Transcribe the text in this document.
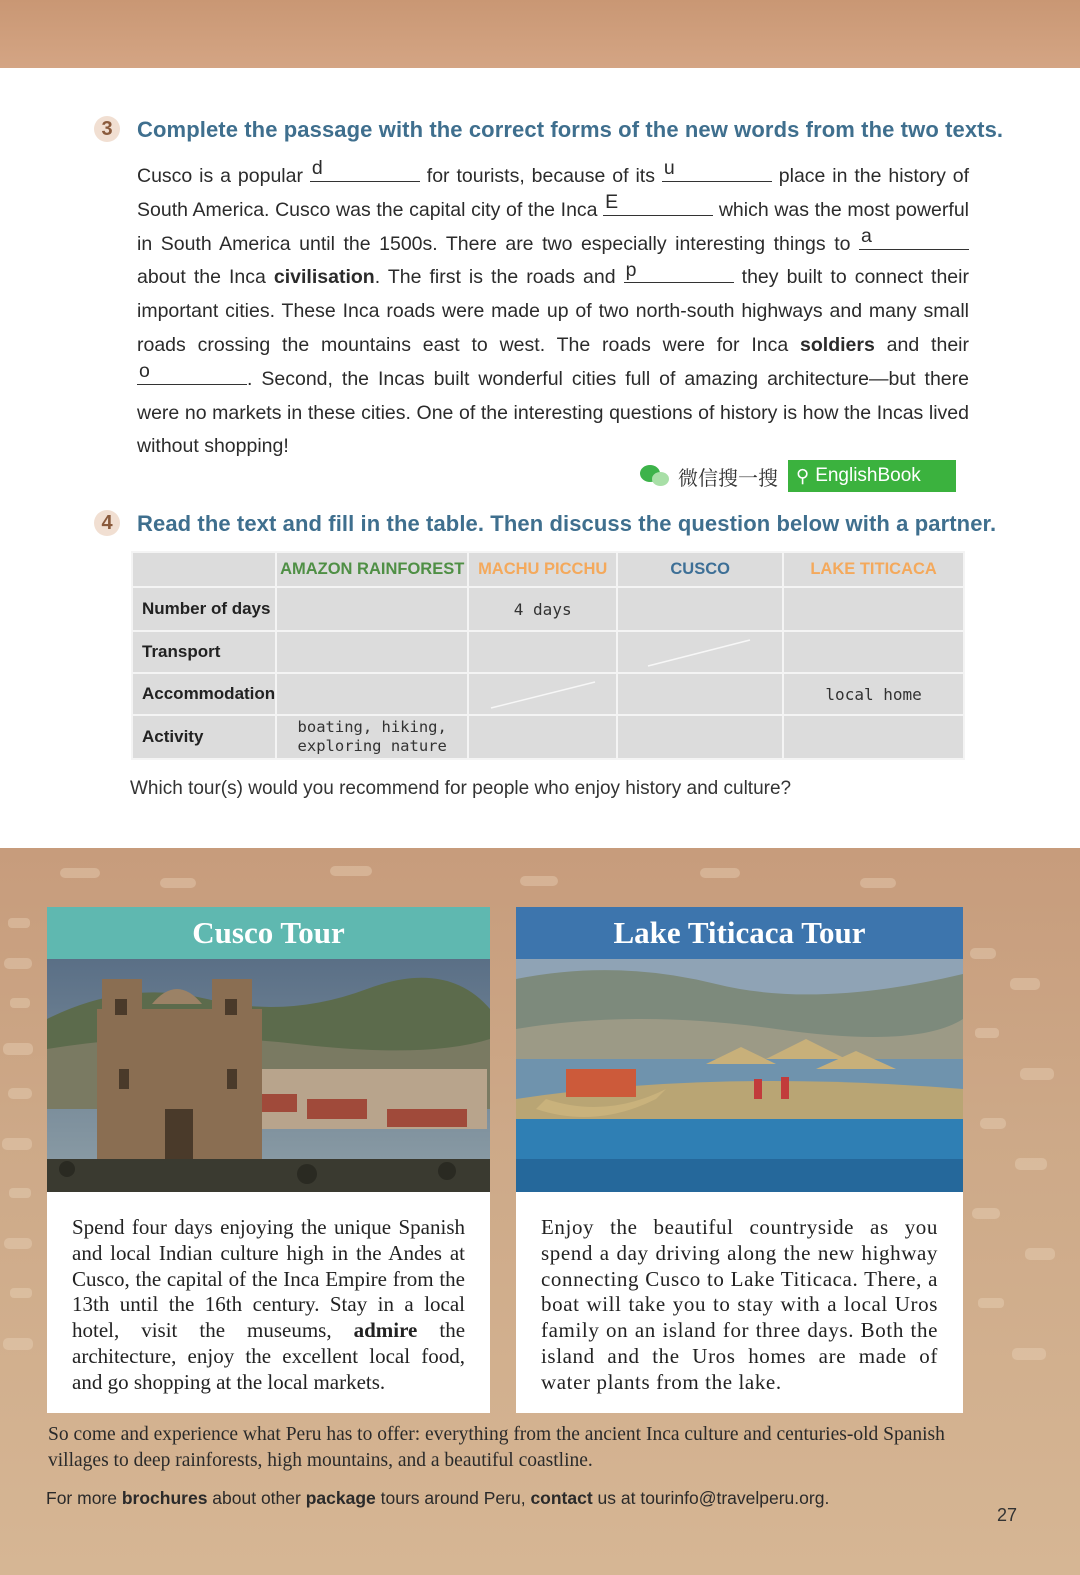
3	Complete the passage with the correct forms of the new words from the two texts.

Cusco is a popular d	for tourists, because of its u	place in the history of South America. Cusco was the capital city of the Inca E	which was the most powerful in South America until the 1500s. There are two especially interesting things to a
about the Inca civilisation. The first is the roads and p	they built to connect their important cities. These Inca roads were made up of two north-south highways and many small roads crossing the mountains east to west. The roads were for Inca soldiers and their
o	. Second, the Incas built wonderful cities full of amazing architecture—but there were no markets in these cities. One of the interesting questions of history is how the Incas lived without shopping!

微信搜一搜 ⚲ EnglishBook
4	Read the text and fill in the table. Then discuss the question below with a partner.
	AMAZON RAINFOREST	MACHU PICCHU	CUSCO	LAKE TITICACA
Number of days		4 days		
Transport			

Accommodation				local home
Activity	boating, hiking, exploring nature			
Which tour(s) would you recommend for people who enjoy history and culture?
Cusco Tour
Spend four days enjoying the unique Spanish and local Indian culture high in the Andes at Cusco, the capital of the Inca Empire from the 13th until the 16th century. Stay in a local hotel, visit the museums, admire the architecture, enjoy the excellent local food, and go shopping at the local markets.
Lake Titicaca Tour
Enjoy the beautiful countryside as you spend a day driving along the new highway connecting Cusco to Lake Titicaca. There, a boat will take you to stay with a local Uros family on an island for three days. Both the island and the Uros homes are made of water plants from the lake.
So come and experience what Peru has to offer: everything from the ancient Inca culture and centuries-old Spanish villages to deep rainforests, high mountains, and a beautiful coastline.
For more brochures about other package tours around Peru, contact us at tourinfo@travelperu.org.
27
